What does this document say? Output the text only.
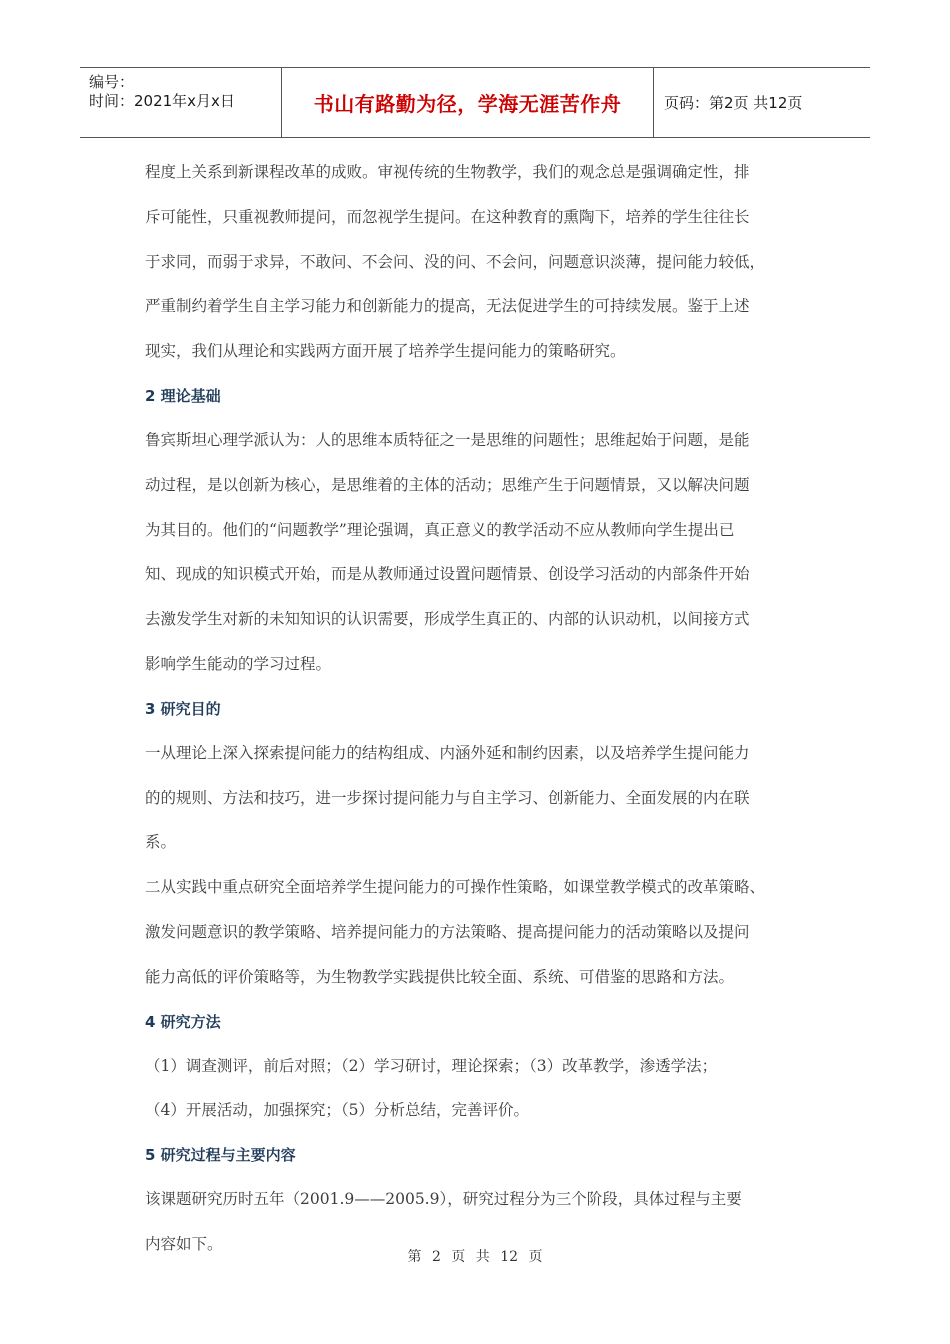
编号：
时间：2021年x月x日	书山有路勤为径，学海无涯苦作舟	页码：第2页 共12页
程度上关系到新课程改革的成败。审视传统的生物教学，我们的观念总是强调确定性，排
斥可能性，只重视教师提问，而忽视学生提问。在这种教育的熏陶下，培养的学生往往长
于求同，而弱于求异，不敢问、不会问、没的问、不会问，问题意识淡薄，提问能力较低，
严重制约着学生自主学习能力和创新能力的提高，无法促进学生的可持续发展。鉴于上述
现实，我们从理论和实践两方面开展了培养学生提问能力的策略研究。
2 理论基础
鲁宾斯坦心理学派认为：人的思维本质特征之一是思维的问题性；思维起始于问题，是能
动过程，是以创新为核心，是思维着的主体的活动；思维产生于问题情景，又以解决问题
为其目的。他们的“问题教学”理论强调，真正意义的教学活动不应从教师向学生提出已
知、现成的知识模式开始，而是从教师通过设置问题情景、创设学习活动的内部条件开始
去激发学生对新的未知知识的认识需要，形成学生真正的、内部的认识动机，以间接方式
影响学生能动的学习过程。
3 研究目的
一从理论上深入探索提问能力的结构组成、内涵外延和制约因素，以及培养学生提问能力
的的规则、方法和技巧，进一步探讨提问能力与自主学习、创新能力、全面发展的内在联
系。
二从实践中重点研究全面培养学生提问能力的可操作性策略，如课堂教学模式的改革策略、
激发问题意识的教学策略、培养提问能力的方法策略、提高提问能力的活动策略以及提问
能力高低的评价策略等，为生物教学实践提供比较全面、系统、可借鉴的思路和方法。
4 研究方法
（1）调查测评，前后对照；（2）学习研讨，理论探索；（3）改革教学，渗透学法；
（4）开展活动，加强探究；（5）分析总结，完善评价。
5 研究过程与主要内容
该课题研究历时五年（2001.9——2005.9），研究过程分为三个阶段，具体过程与主要
内容如下。
第 2 页 共 12 页
